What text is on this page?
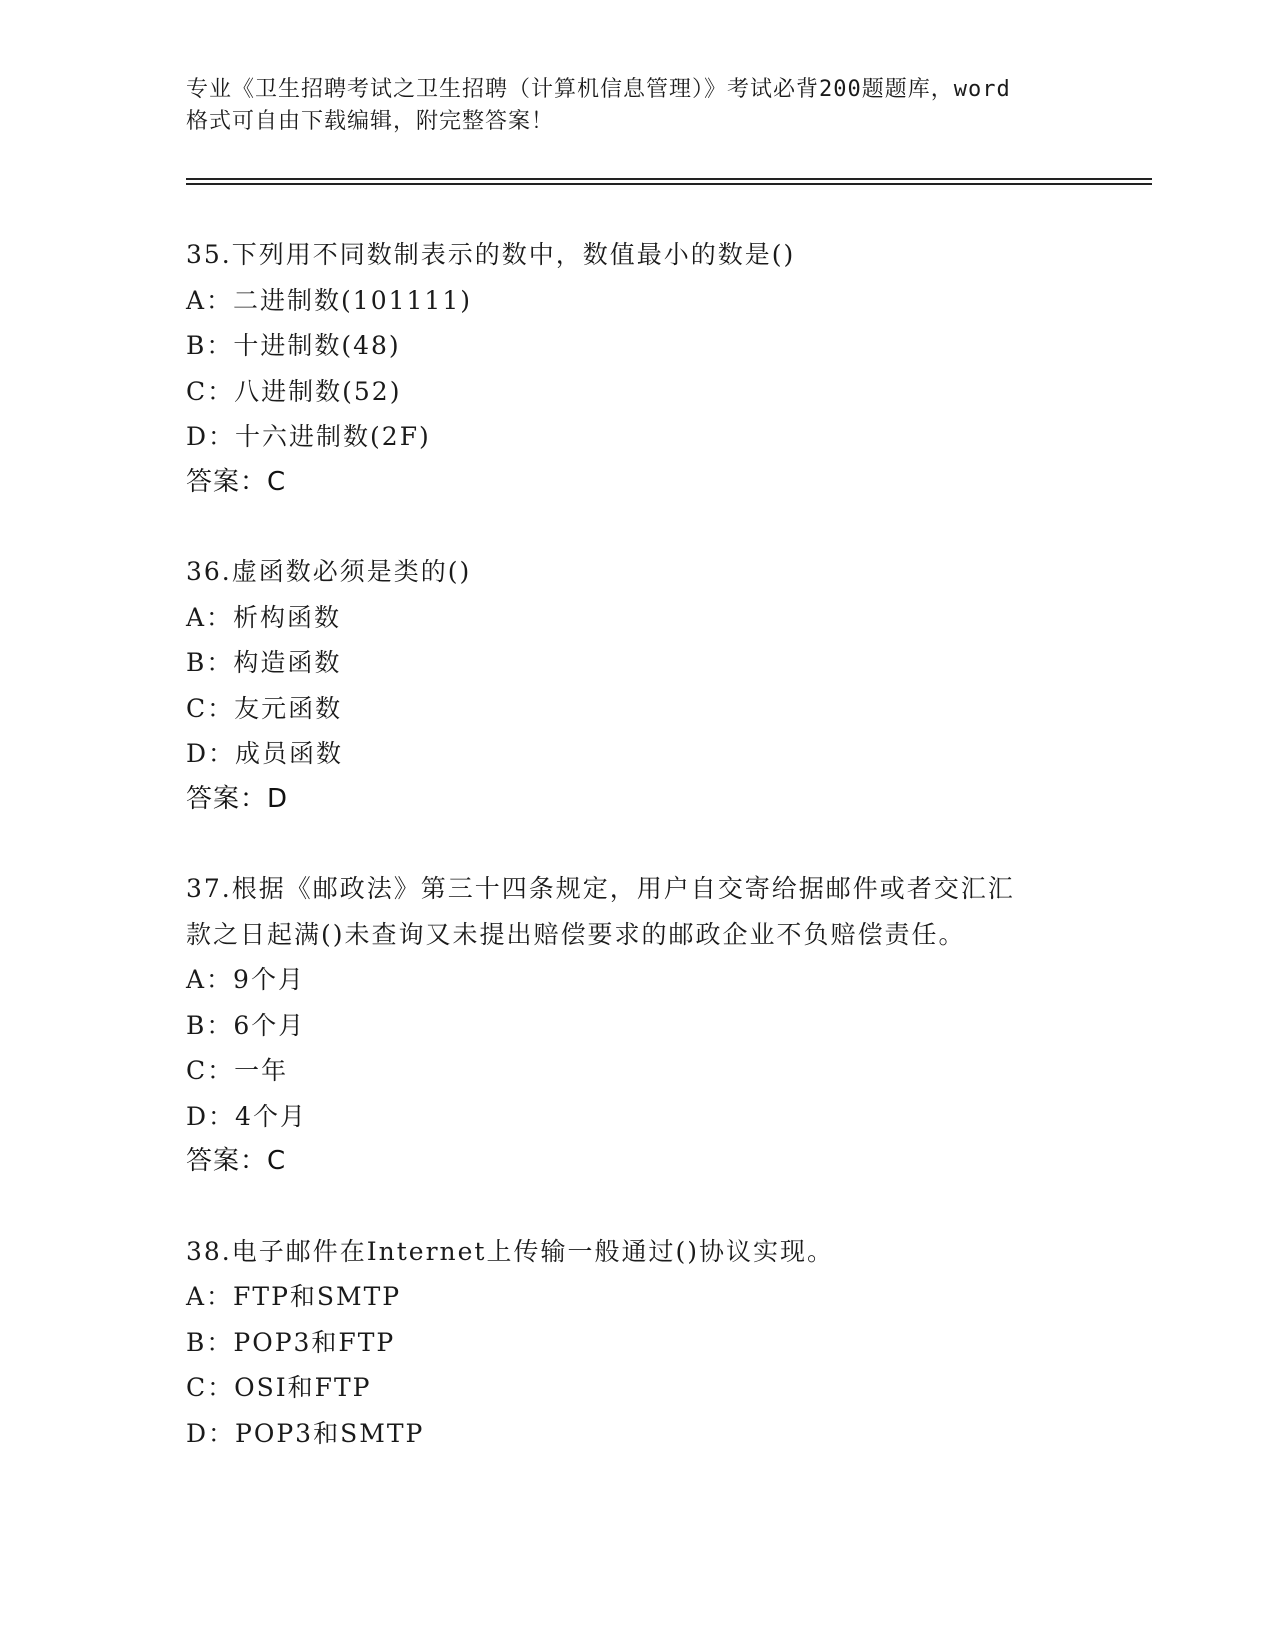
专业《卫生招聘考试之卫生招聘（计算机信息管理）》考试必背200题题库，word
格式可自由下载编辑，附完整答案！
35.下列用不同数制表示的数中，数值最小的数是()
A：二进制数(101111)
B：十进制数(48)
C：八进制数(52)
D：十六进制数(2F)
答案：C
36.虚函数必须是类的()
A：析构函数
B：构造函数
C：友元函数
D：成员函数
答案：D
37.根据《邮政法》第三十四条规定，用户自交寄给据邮件或者交汇汇
款之日起满()未查询又未提出赔偿要求的邮政企业不负赔偿责任。
A：9个月
B：6个月
C：一年
D：4个月
答案：C
38.电子邮件在Internet上传输一般通过()协议实现。
A：FTP和SMTP
B：POP3和FTP
C：OSI和FTP
D：POP3和SMTP
